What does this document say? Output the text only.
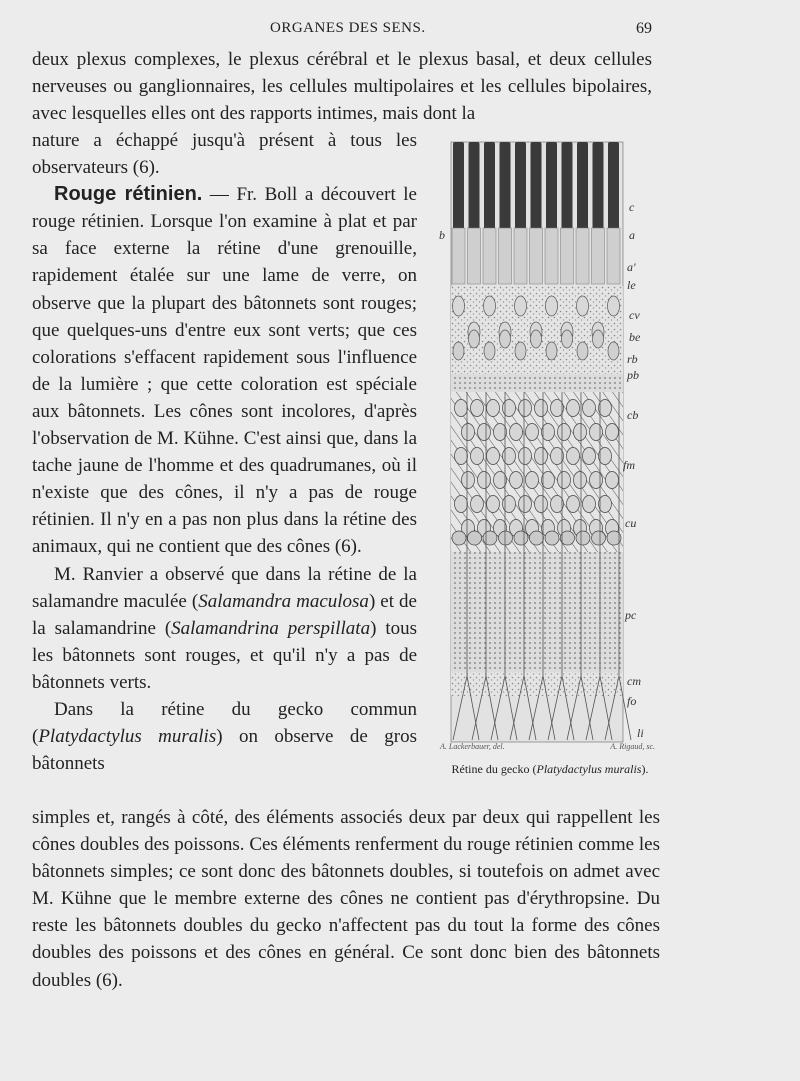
ORGANES DES SENS.	69

deux plexus complexes, le plexus cérébral et le plexus basal, et deux cellules nerveuses ou ganglionnaires, les cellules multipolaires et les cellules bipolaires, avec lesquelles elles ont des rapports intimes, mais dont la

nature a échappé jusqu'à présent à tous les observateurs (6).

Rouge rétinien. — Fr. Boll a découvert le rouge rétinien. Lorsque l'on examine à plat et par sa face externe la rétine d'une grenouille, rapidement étalée sur une lame de verre, on observe que la plupart des bâtonnets sont rouges; que quelques-uns d'entre eux sont verts; que ces colorations s'effacent rapidement sous l'influence de la lumière ; que cette coloration est spéciale aux bâtonnets. Les cônes sont incolores, d'après l'observation de M. Kühne. C'est ainsi que, dans la tache jaune de l'homme et des quadrumanes, où il n'existe que des cônes, il n'y a pas de rouge rétinien. Il n'y en a pas non plus dans la rétine des animaux, qui ne contient que des cônes (6).

M. Ranvier a observé que dans la rétine de la salamandre maculée (Salamandra maculosa) et de la salamandrine (Salamandrina perspillata) tous les bâtonnets sont rouges, et qu'il n'y a pas de bâtonnets verts.

Dans la rétine du gecko commun (Platydactylus muralis) on observe de gros bâtonnets

c
a
b
a'
le
cv
be
rb
pb
cb
fm
cu
pc
cm
fo
li
A. Lackerbauer, del.	A. Rigaud, sc.
Rétine du gecko (Platydactylus muralis).

simples et, rangés à côté, des éléments associés deux par deux qui rappellent les cônes doubles des poissons. Ces éléments renferment du rouge rétinien comme les bâtonnets simples; ce sont donc des bâtonnets doubles, si toutefois on admet avec M. Kühne que le membre externe des cônes ne contient pas d'érythropsine. Du reste les bâtonnets doubles du gecko n'affectent pas du tout la forme des cônes doubles des poissons et des cônes en général. Ce sont donc bien des bâtonnets doubles (6).
